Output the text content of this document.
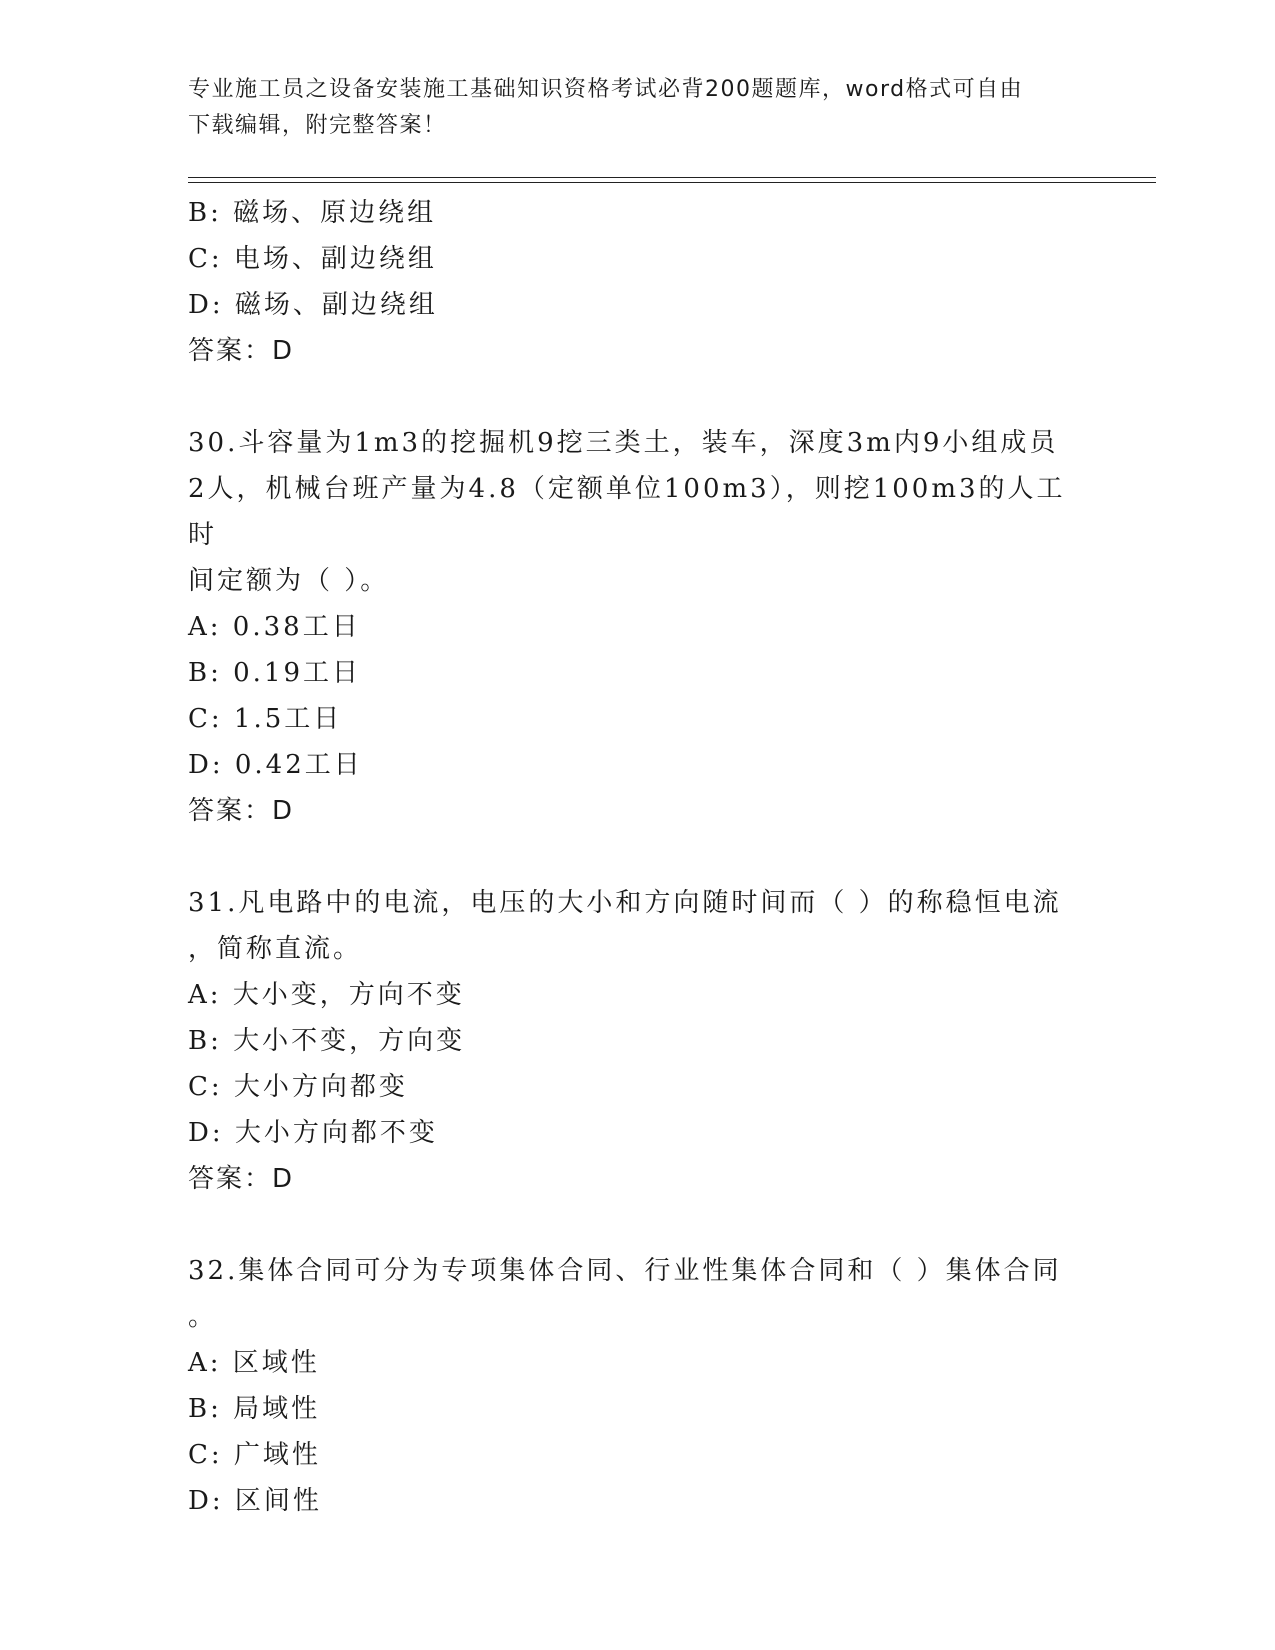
专业施工员之设备安装施工基础知识资格考试必背200题题库，word格式可自由
下载编辑，附完整答案！
B: 磁场、原边绕组
C: 电场、副边绕组
D: 磁场、副边绕组
答案：D
30.斗容量为1m3的挖掘机9挖三类土，装车，深度3m内9小组成员
2人，机械台班产量为4.8（定额单位100m3），则挖100m3的人工时
间定额为（ ）。
A: 0.38工日
B: 0.19工日
C: 1.5工日
D: 0.42工日
答案：D
31.凡电路中的电流，电压的大小和方向随时间而（ ）的称稳恒电流
，简称直流。
A: 大小变，方向不变
B: 大小不变，方向变
C: 大小方向都变
D: 大小方向都不变
答案：D
32.集体合同可分为专项集体合同、行业性集体合同和（ ）集体合同
。
A: 区域性
B: 局域性
C: 广域性
D: 区间性
